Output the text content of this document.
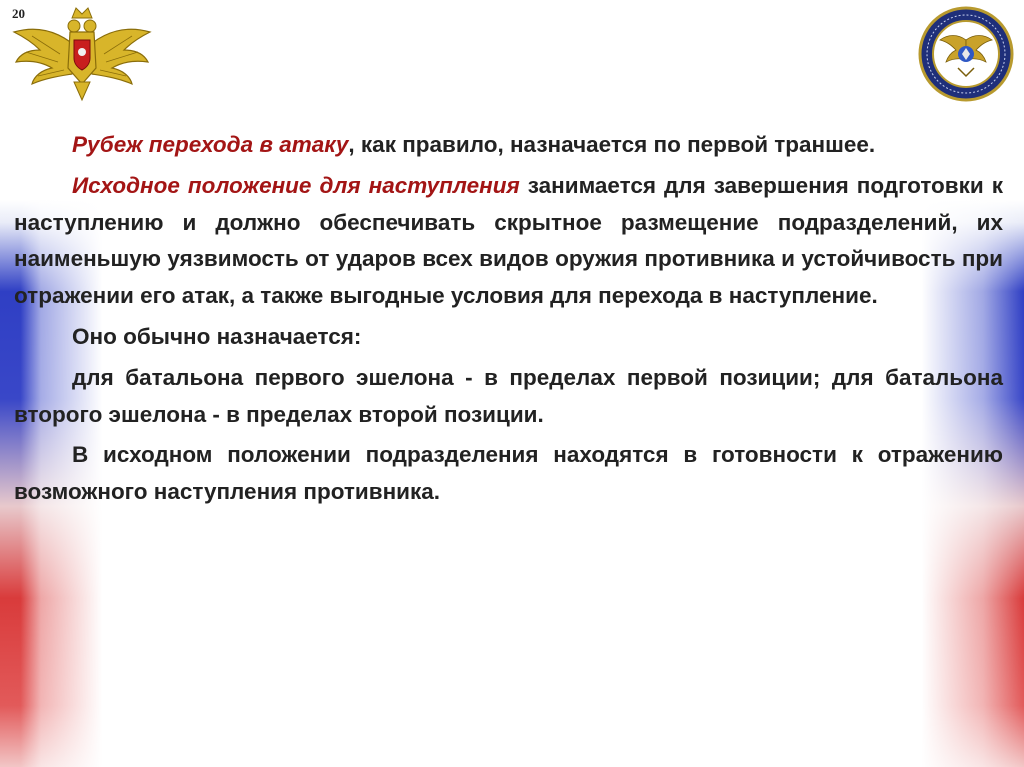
20

Рубеж перехода в атаку, как правило, назначается по первой траншее.

Исходное положение для наступления занимается для завершения подготовки к наступлению и должно обеспечивать скрытное размещение подразделений, их наименьшую уязвимость от ударов всех видов оружия противника и устойчивость при отражении его атак, а также выгодные условия для перехода в наступление.

Оно обычно назначается:

для батальона первого эшелона - в пределах первой позиции; для батальона второго эшелона - в пределах второй позиции.

В исходном положении подразделения находятся в готовности к отражению возможного наступления противника.
